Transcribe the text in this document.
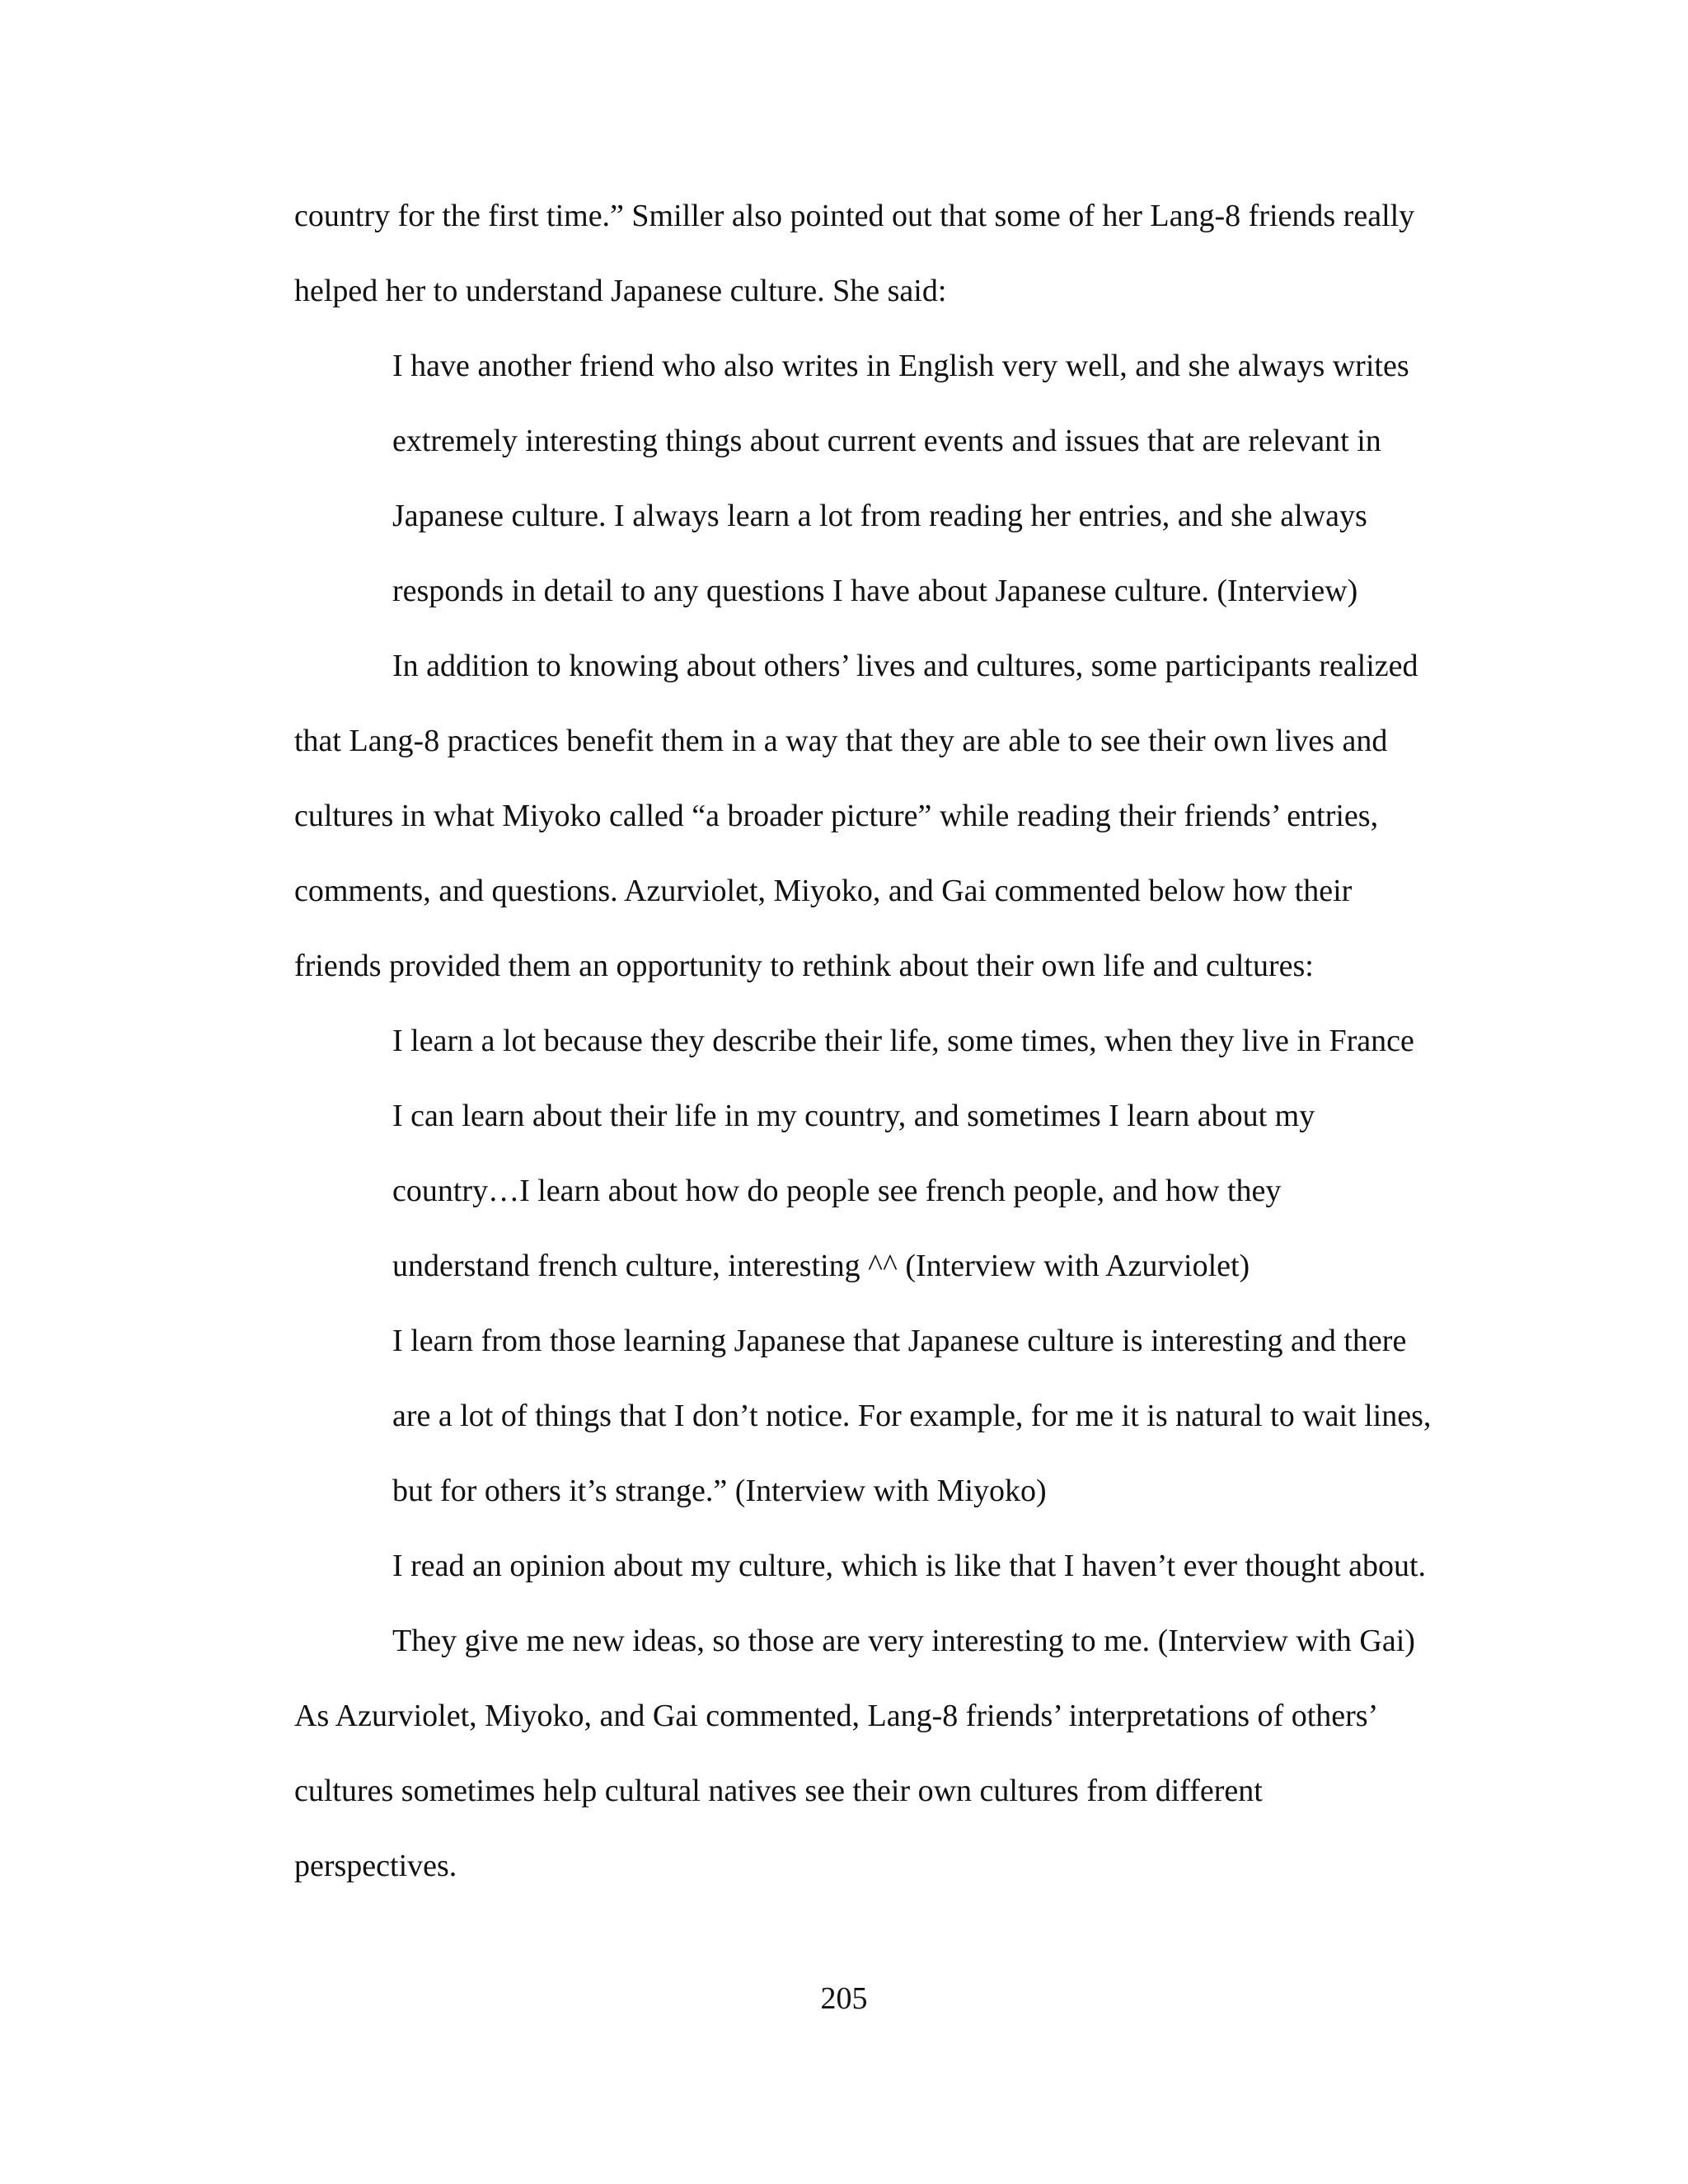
country for the first time.” Smiller also pointed out that some of her Lang-8 friends really

helped her to understand Japanese culture. She said:

I have another friend who also writes in English very well, and she always writes

extremely interesting things about current events and issues that are relevant in

Japanese culture. I always learn a lot from reading her entries, and she always

responds in detail to any questions I have about Japanese culture. (Interview)

In addition to knowing about others’ lives and cultures, some participants realized

that Lang-8 practices benefit them in a way that they are able to see their own lives and

cultures in what Miyoko called “a broader picture” while reading their friends’ entries,

comments, and questions. Azurviolet, Miyoko, and Gai commented below how their

friends provided them an opportunity to rethink about their own life and cultures:

I learn a lot because they describe their life, some times, when they live in France

I can learn about their life in my country, and sometimes I learn about my

country…I learn about how do people see french people, and how they

understand french culture, interesting ^^ (Interview with Azurviolet)

I learn from those learning Japanese that Japanese culture is interesting and there

are a lot of things that I don’t notice. For example, for me it is natural to wait lines,

but for others it’s strange.” (Interview with Miyoko)

I read an opinion about my culture, which is like that I haven’t ever thought about.

They give me new ideas, so those are very interesting to me. (Interview with Gai)

As Azurviolet, Miyoko, and Gai commented, Lang-8 friends’ interpretations of others’

cultures sometimes help cultural natives see their own cultures from different

perspectives.

205
